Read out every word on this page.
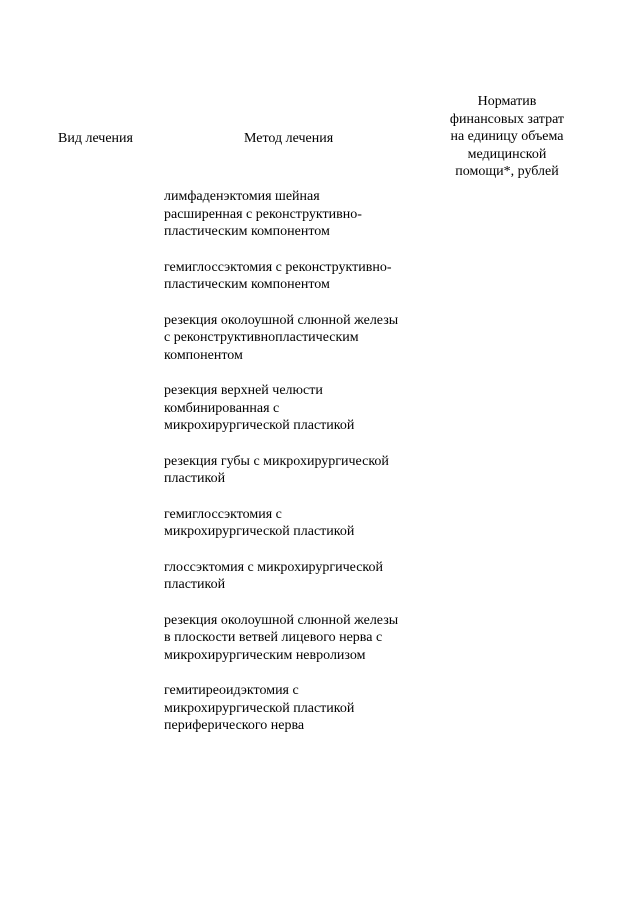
Вид лечения	Метод лечения
Норматив
финансовых затрат
на единицу объема
медицинской
помощи*, рублей
лимфаденэктомия шейная
расширенная с реконструктивно-
пластическим компонентом
гемиглоссэктомия с реконструктивно-
пластическим компонентом
резекция околоушной слюнной железы
с реконструктивнопластическим
компонентом
резекция верхней челюсти
комбинированная с
микрохирургической пластикой
резекция губы с микрохирургической
пластикой
гемиглоссэктомия с
микрохирургической пластикой
глоссэктомия с микрохирургической
пластикой
резекция околоушной слюнной железы
в плоскости ветвей лицевого нерва с
микрохирургическим невролизом
гемитиреоидэктомия с
микрохирургической пластикой
периферического нерва
